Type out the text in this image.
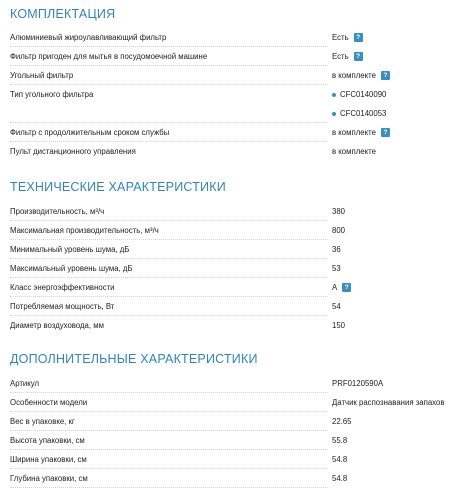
КОМПЛЕКТАЦИЯ
Алюминиевый жироулавливающий фильтр	Есть	?
Фильтр пригоден для мытья в посудомоечной машине	Есть	?
Угольный фильтр	в комплекте	?
Тип угольного фильтра	CFC0140090
CFC0140053
Фильтр с продолжительным сроком службы	в комплекте	?
Пульт дистанционного управления	в комплекте
ТЕХНИЧЕСКИЕ ХАРАКТЕРИСТИКИ
Производительность, м³/ч	380
Максимальная производительность, м³/ч	800
Минимальный уровень шума, дБ	36
Максимальный уровень шума, дБ	53
Класс энергоэффективности	A	?
Потребляемая мощность, Вт	54
Диаметр воздуховода, мм	150
ДОПОЛНИТЕЛЬНЫЕ ХАРАКТЕРИСТИКИ
Артикул	PRF0120590A
Особенности модели	Датчик распознавания запахов
Вес в упаковке, кг	22.65
Высота упаковки, см	55.8
Ширина упаковки, см	54.8
Глубина упаковки, см	54.8
